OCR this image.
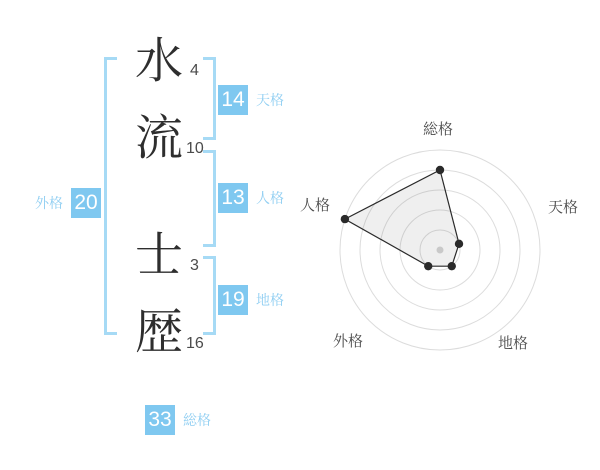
水
流
士
歴
4
10
3
16
14 天格
13 人格
19 地格
外格 20
33 総格
総格
天格
地格
外格
人格
